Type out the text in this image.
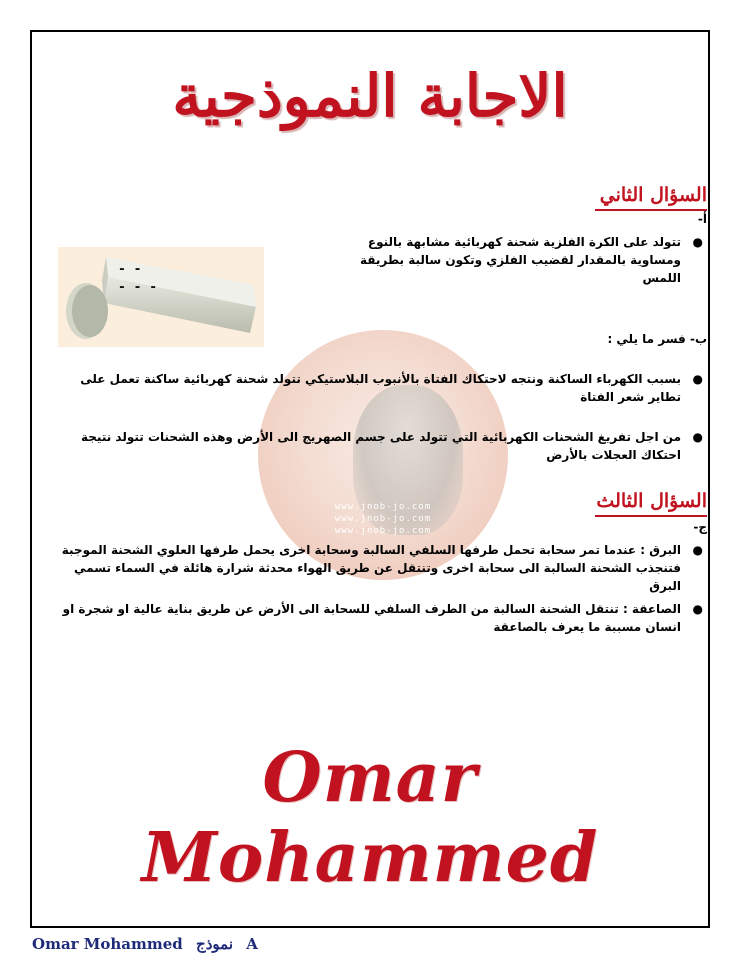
www.jnob-jo.com
www.jnob-jo.com
www.jnob-jo.com
الاجابة النموذجية
السؤال الثاني
أ-
●
تتولد على الكرة الفلزية شحنة كهربائية مشابهة بالنوع ومساوية بالمقدار لقضيب الفلزي وتكون سالبة بطريقة اللمس
- -
- - -
ب- فسر ما يلي :
●
بسبب الكهرباء الساكنة ونتجه لاحتكاك الفتاة بالأنبوب البلاستيكي تتولد شحنة كهربائية ساكنة تعمل على تطاير شعر الفتاة
●
من اجل تفريغ الشحنات الكهربائية التي تتولد على جسم الصهريج الى الأرض وهذه الشحنات تتولد نتيجة احتكاك العجلات بالأرض
السؤال الثالث
ج-
●
البرق : عندما تمر سحابة تحمل طرفها السلفي السالبة وسحابة اخرى يحمل طرفها العلوي الشحنة الموجبة فتنجذب الشحنة السالبة الى سحابة اخرى وتنتقل عن طريق الهواء محدثة شرارة هائلة في السماء تسمي البرق
●
الصاعقة : تنتقل الشحنة السالبة من الطرف السلفي للسحابة الى الأرض عن طريق بناية عالية او شجرة او انسان مسببة ما يعرف بالصاعقة
Omar Mohammed
Omar Mohammed نموذج A
